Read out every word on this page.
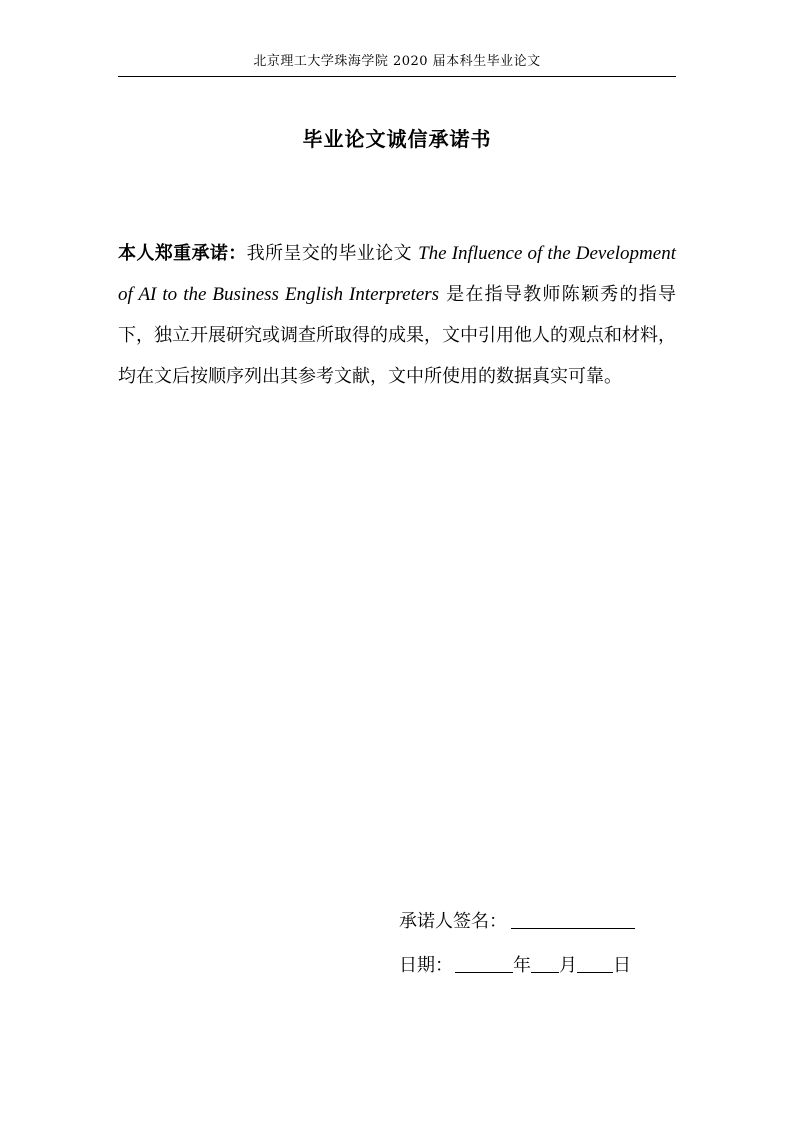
北京理工大学珠海学院 2020 届本科生毕业论文
毕业论文诚信承诺书
本人郑重承诺：我所呈交的毕业论文 The Influence of the Development of AI to the Business English Interpreters 是在指导教师陈颖秀的指导下，独立开展研究或调查所取得的成果，文中引用他人的观点和材料，均在文后按顺序列出其参考文献，文中所使用的数据真实可靠。
承诺人签名：
日期：	年 月 日
